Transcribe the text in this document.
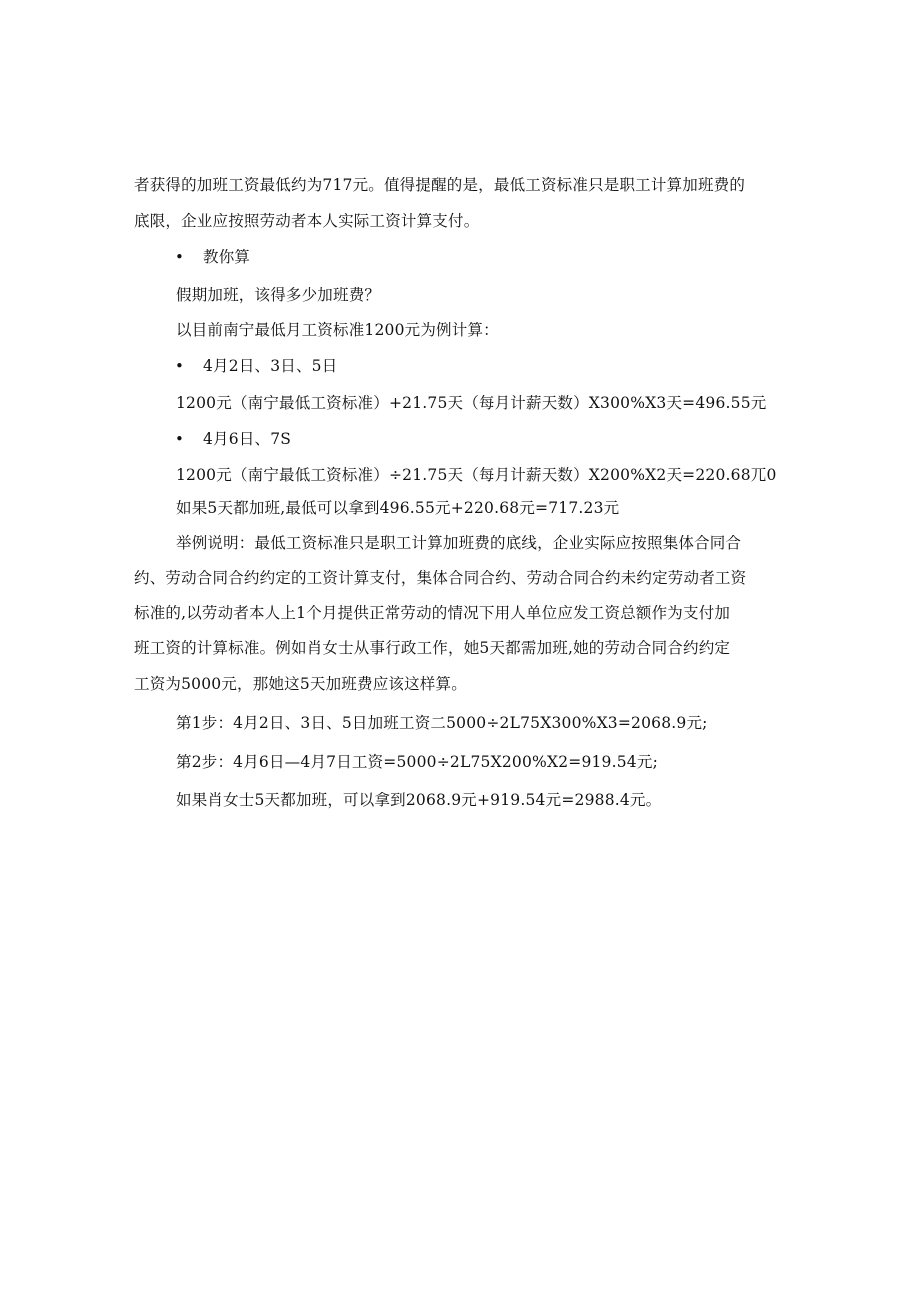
者获得的加班工资最低约为717元。值得提醒的是，最低工资标准只是职工计算加班费的
底限，企业应按照劳动者本人实际工资计算支付。
• 教你算
假期加班，该得多少加班费？
以目前南宁最低月工资标准1200元为例计算：
• 4月2日、3日、5日
1200元（南宁最低工资标准）+21.75天（每月计薪天数）X300%X3天=496.55元
• 4月6日、7S
1200元（南宁最低工资标准）÷21.75天（每月计薪天数）X200%X2天=220.68兀0
如果5天都加班,最低可以拿到496.55元+220.68元=717.23元
举例说明：最低工资标准只是职工计算加班费的底线，企业实际应按照集体合同合
约、劳动合同合约约定的工资计算支付，集体合同合约、劳动合同合约未约定劳动者工资
标准的,以劳动者本人上1个月提供正常劳动的情况下用人单位应发工资总额作为支付加
班工资的计算标准。例如肖女士从事行政工作，她5天都需加班,她的劳动合同合约约定
工资为5000元，那她这5天加班费应该这样算。
第1步：4月2日、3日、5日加班工资二5000÷2L75X300%X3=2068.9元;
第2步：4月6日—4月7日工资=5000÷2L75X200%X2=919.54元;
如果肖女士5天都加班，可以拿到2068.9元+919.54元=2988.4元。
